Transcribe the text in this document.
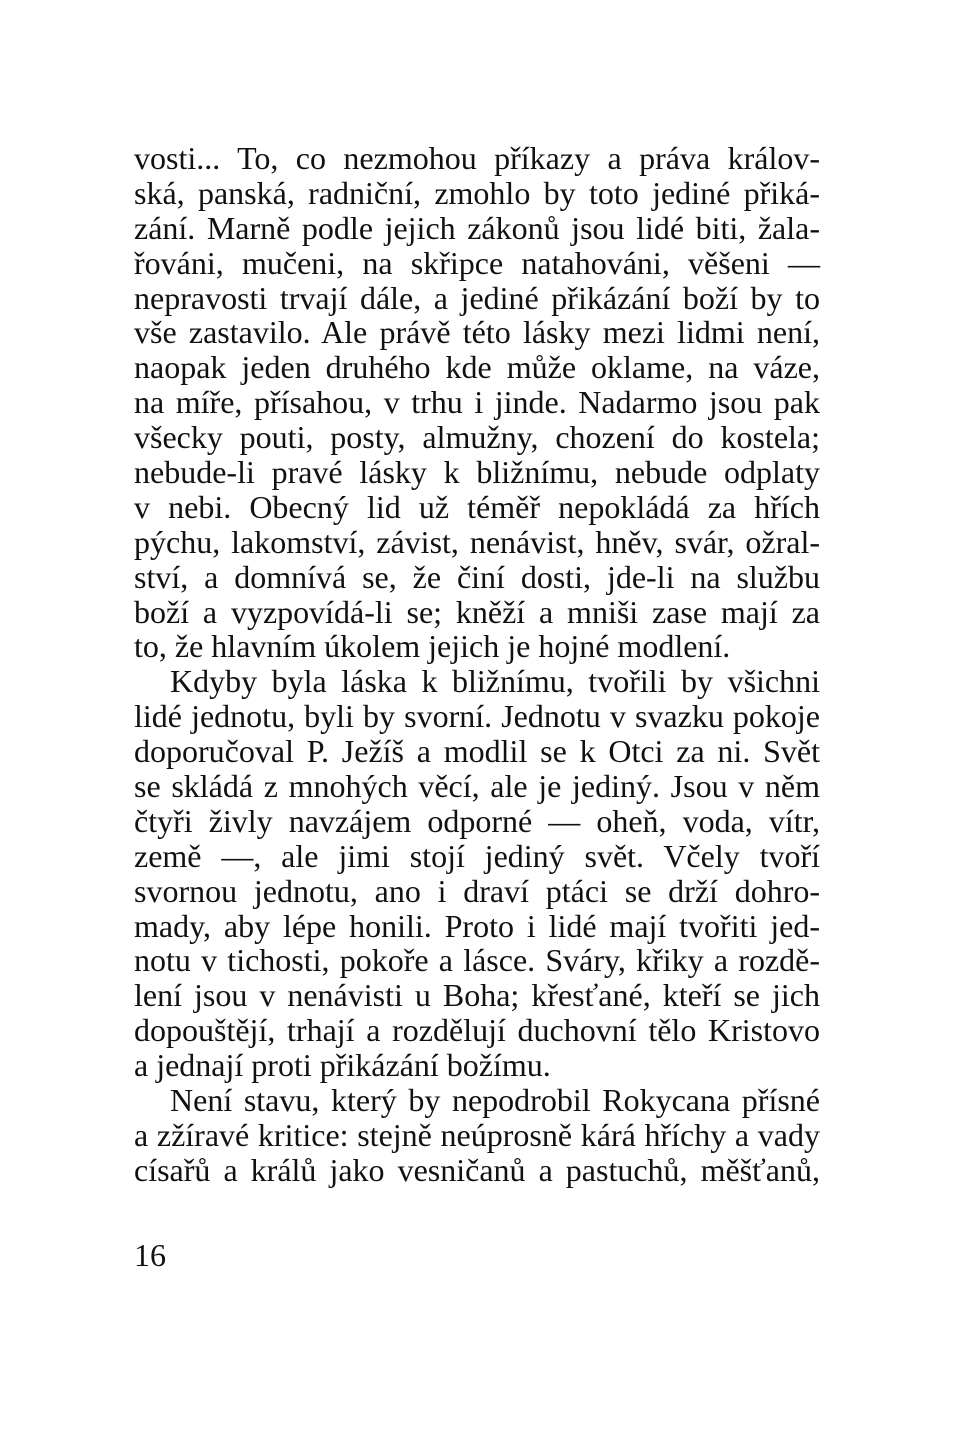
vosti... To, co nezmohou příkazy a práva králov-
ská, panská, radniční, zmohlo by toto jediné přiká-
zání. Marně podle jejich zákonů jsou lidé biti, žala-
řováni, mučeni, na skřipce natahováni, věšeni —
nepravosti trvají dále, a jediné přikázání boží by to
vše zastavilo. Ale právě této lásky mezi lidmi není,
naopak jeden druhého kde může oklame, na váze,
na míře, přísahou, v trhu i jinde. Nadarmo jsou pak
všecky pouti, posty, almužny, chození do kostela;
nebude-li pravé lásky k bližnímu, nebude odplaty
v nebi. Obecný lid už téměř nepokládá za hřích
pýchu, lakomství, závist, nenávist, hněv, svár, ožral-
ství, a domnívá se, že činí dosti, jde-li na službu
boží a vyzpovídá-li se; kněží a mniši zase mají za
to, že hlavním úkolem jejich je hojné modlení.
Kdyby byla láska k bližnímu, tvořili by všichni
lidé jednotu, byli by svorní. Jednotu v svazku pokoje
doporučoval P. Ježíš a modlil se k Otci za ni. Svět
se skládá z mnohých věcí, ale je jediný. Jsou v něm
čtyři živly navzájem odporné — oheň, voda, vítr,
země —, ale jimi stojí jediný svět. Včely tvoří
svornou jednotu, ano i draví ptáci se drží dohro-
mady, aby lépe honili. Proto i lidé mají tvořiti jed-
notu v tichosti, pokoře a lásce. Sváry, křiky a rozdě-
lení jsou v nenávisti u Boha; křesťané, kteří se jich
dopouštějí, trhají a rozdělují duchovní tělo Kristovo
a jednají proti přikázání božímu.
Není stavu, který by nepodrobil Rokycana přísné
a zžíravé kritice: stejně neúprosně kárá hříchy a vady
císařů a králů jako vesničanů a pastuchů, měšťanů,
16
